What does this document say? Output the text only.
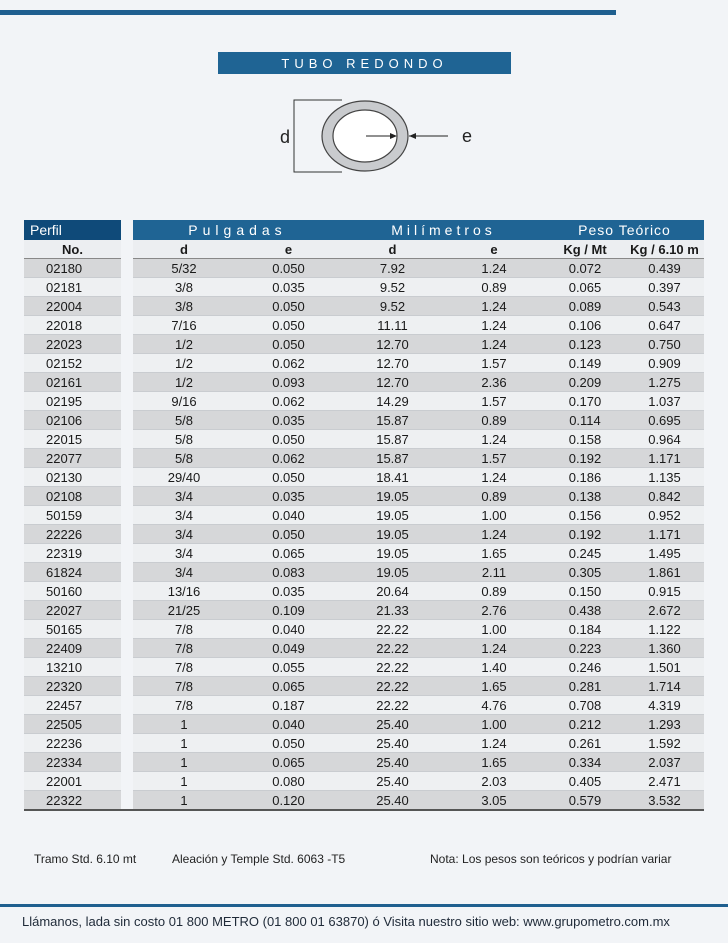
TUBO REDONDO
d	e
Perfil	Pulgadas	Milímetros	Peso Teórico
No.		d	e	d	e	Kg / Mt	Kg / 6.10 m
02180		5/32	0.050	7.92	1.24	0.072	0.439
02181		3/8	0.035	9.52	0.89	0.065	0.397
22004		3/8	0.050	9.52	1.24	0.089	0.543
22018		7/16	0.050	11.11	1.24	0.106	0.647
22023		1/2	0.050	12.70	1.24	0.123	0.750
02152		1/2	0.062	12.70	1.57	0.149	0.909
02161		1/2	0.093	12.70	2.36	0.209	1.275
02195		9/16	0.062	14.29	1.57	0.170	1.037
02106		5/8	0.035	15.87	0.89	0.114	0.695
22015		5/8	0.050	15.87	1.24	0.158	0.964
22077		5/8	0.062	15.87	1.57	0.192	1.171
02130		29/40	0.050	18.41	1.24	0.186	1.135
02108		3/4	0.035	19.05	0.89	0.138	0.842
50159		3/4	0.040	19.05	1.00	0.156	0.952
22226		3/4	0.050	19.05	1.24	0.192	1.171
22319		3/4	0.065	19.05	1.65	0.245	1.495
61824		3/4	0.083	19.05	2.11	0.305	1.861
50160		13/16	0.035	20.64	0.89	0.150	0.915
22027		21/25	0.109	21.33	2.76	0.438	2.672
50165		7/8	0.040	22.22	1.00	0.184	1.122
22409		7/8	0.049	22.22	1.24	0.223	1.360
13210		7/8	0.055	22.22	1.40	0.246	1.501
22320		7/8	0.065	22.22	1.65	0.281	1.714
22457		7/8	0.187	22.22	4.76	0.708	4.319
22505		1	0.040	25.40	1.00	0.212	1.293
22236		1	0.050	25.40	1.24	0.261	1.592
22334		1	0.065	25.40	1.65	0.334	2.037
22001		1	0.080	25.40	2.03	0.405	2.471
22322		1	0.120	25.40	3.05	0.579	3.532
Tramo Std. 6.10 mt	Aleación y Temple Std. 6063 -T5	Nota: Los pesos son teóricos y podrían variar
Llámanos, lada sin costo 01 800 METRO (01 800 01 63870) ó Visita nuestro sitio web: www.grupometro.com.mx
